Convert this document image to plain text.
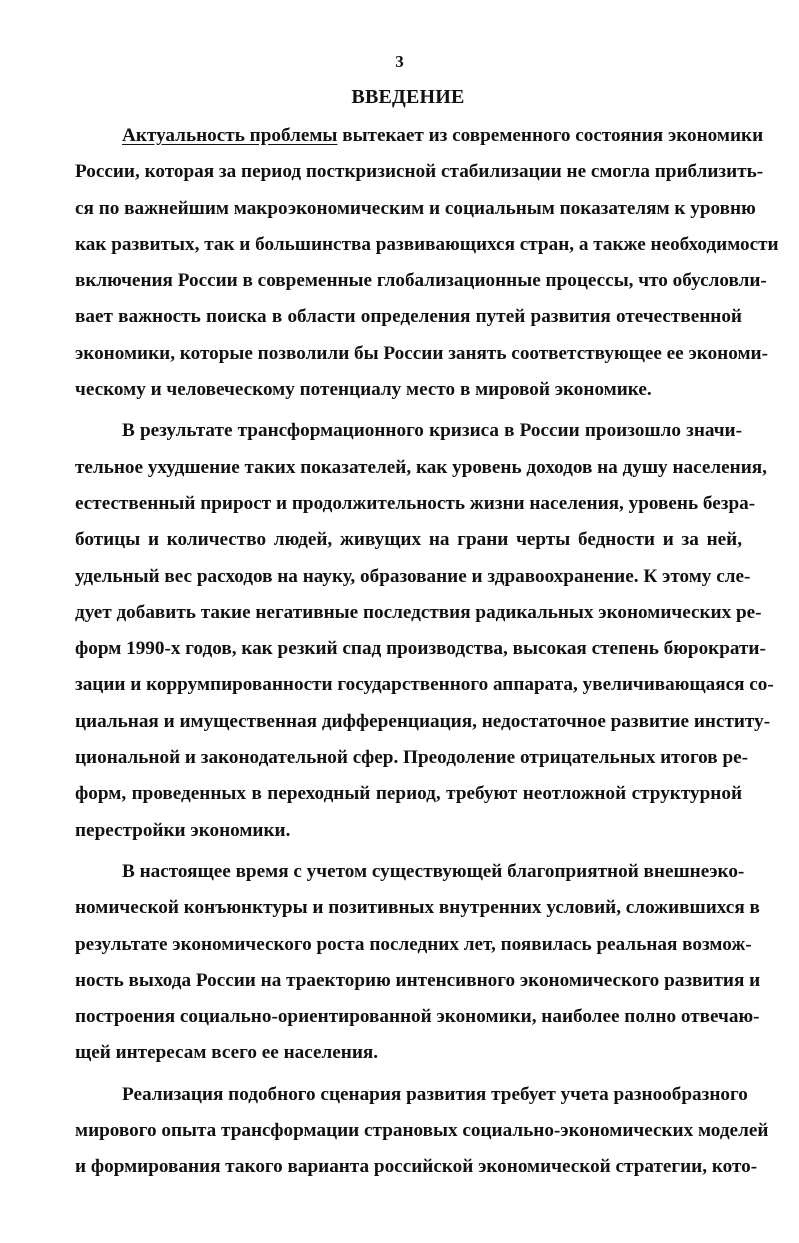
3
ВВЕДЕНИЕ
Актуальность проблемы вытекает из современного состояния экономики
России, которая за период посткризисной стабилизации не смогла приблизить-
ся по важнейшим макроэкономическим и социальным показателям к уровню
как развитых, так и большинства развивающихся стран, а также необходимости
включения России в современные глобализационные процессы, что обусловли-
вает важность поиска в области определения путей развития отечественной
экономики, которые позволили бы России занять соответствующее ее экономи-
ческому и человеческому потенциалу место в мировой экономике.
В результате трансформационного кризиса в России произошло значи-
тельное ухудшение таких показателей, как уровень доходов на душу населения,
естественный прирост и продолжительность жизни населения, уровень безра-
ботицы и количество людей, живущих на грани черты бедности и за ней,
удельный вес расходов на науку, образование и здравоохранение. К этому сле-
дует добавить такие негативные последствия радикальных экономических ре-
форм 1990-х годов, как резкий спад производства, высокая степень бюрократи-
зации и коррумпированности государственного аппарата, увеличивающаяся со-
циальная и имущественная дифференциация, недостаточное развитие институ-
циональной и законодательной сфер. Преодоление отрицательных итогов ре-
форм, проведенных в переходный период, требуют неотложной структурной
перестройки экономики.
В настоящее время с учетом существующей благоприятной внешнеэко-
номической конъюнктуры и позитивных внутренних условий, сложившихся в
результате экономического роста последних лет, появилась реальная возмож-
ность выхода России на траекторию интенсивного экономического развития и
построения социально-ориентированной экономики, наиболее полно отвечаю-
щей интересам всего ее населения.
Реализация подобного сценария развития требует учета разнообразного
мирового опыта трансформации страновых социально-экономических моделей
и формирования такого варианта российской экономической стратегии, кото-
